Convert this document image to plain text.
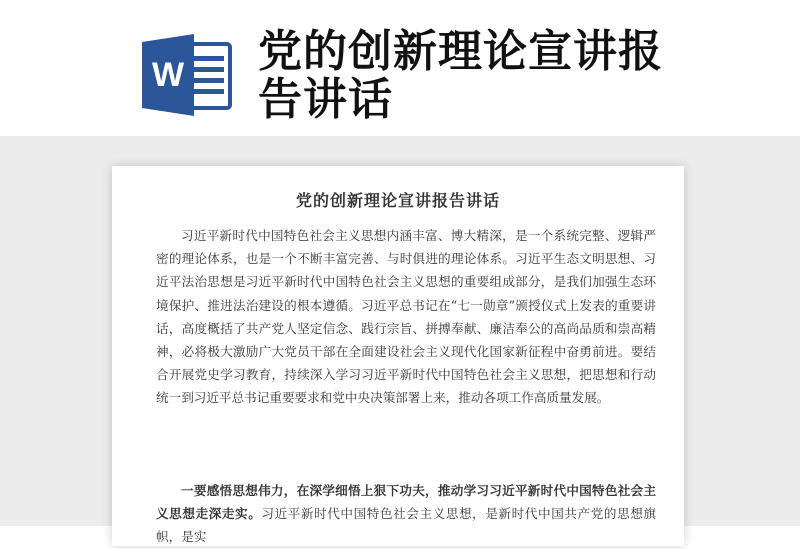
W 党的创新理论宣讲报告讲话
党的创新理论宣讲报告讲话

习近平新时代中国特色社会主义思想内涵丰富、博大精深，是一个系统完整、逻辑严密的理论体系，也是一个不断丰富完善、与时俱进的理论体系。习近平生态文明思想、习近平法治思想是习近平新时代中国特色社会主义思想的重要组成部分，是我们加强生态环境保护、推进法治建设的根本遵循。习近平总书记在“七一勋章”颁授仪式上发表的重要讲话，高度概括了共产党人坚定信念、践行宗旨、拼搏奉献、廉洁奉公的高尚品质和崇高精神，必将极大激励广大党员干部在全面建设社会主义现代化国家新征程中奋勇前进。要结合开展党史学习教育，持续深入学习习近平新时代中国特色社会主义思想，把思想和行动统一到习近平总书记重要要求和党中央决策部署上来，推动各项工作高质量发展。

一要感悟思想伟力，在深学细悟上狠下功夫，推动学习习近平新时代中国特色社会主义思想走深走实。习近平新时代中国特色社会主义思想，是新时代中国共产党的思想旗帜，是实
